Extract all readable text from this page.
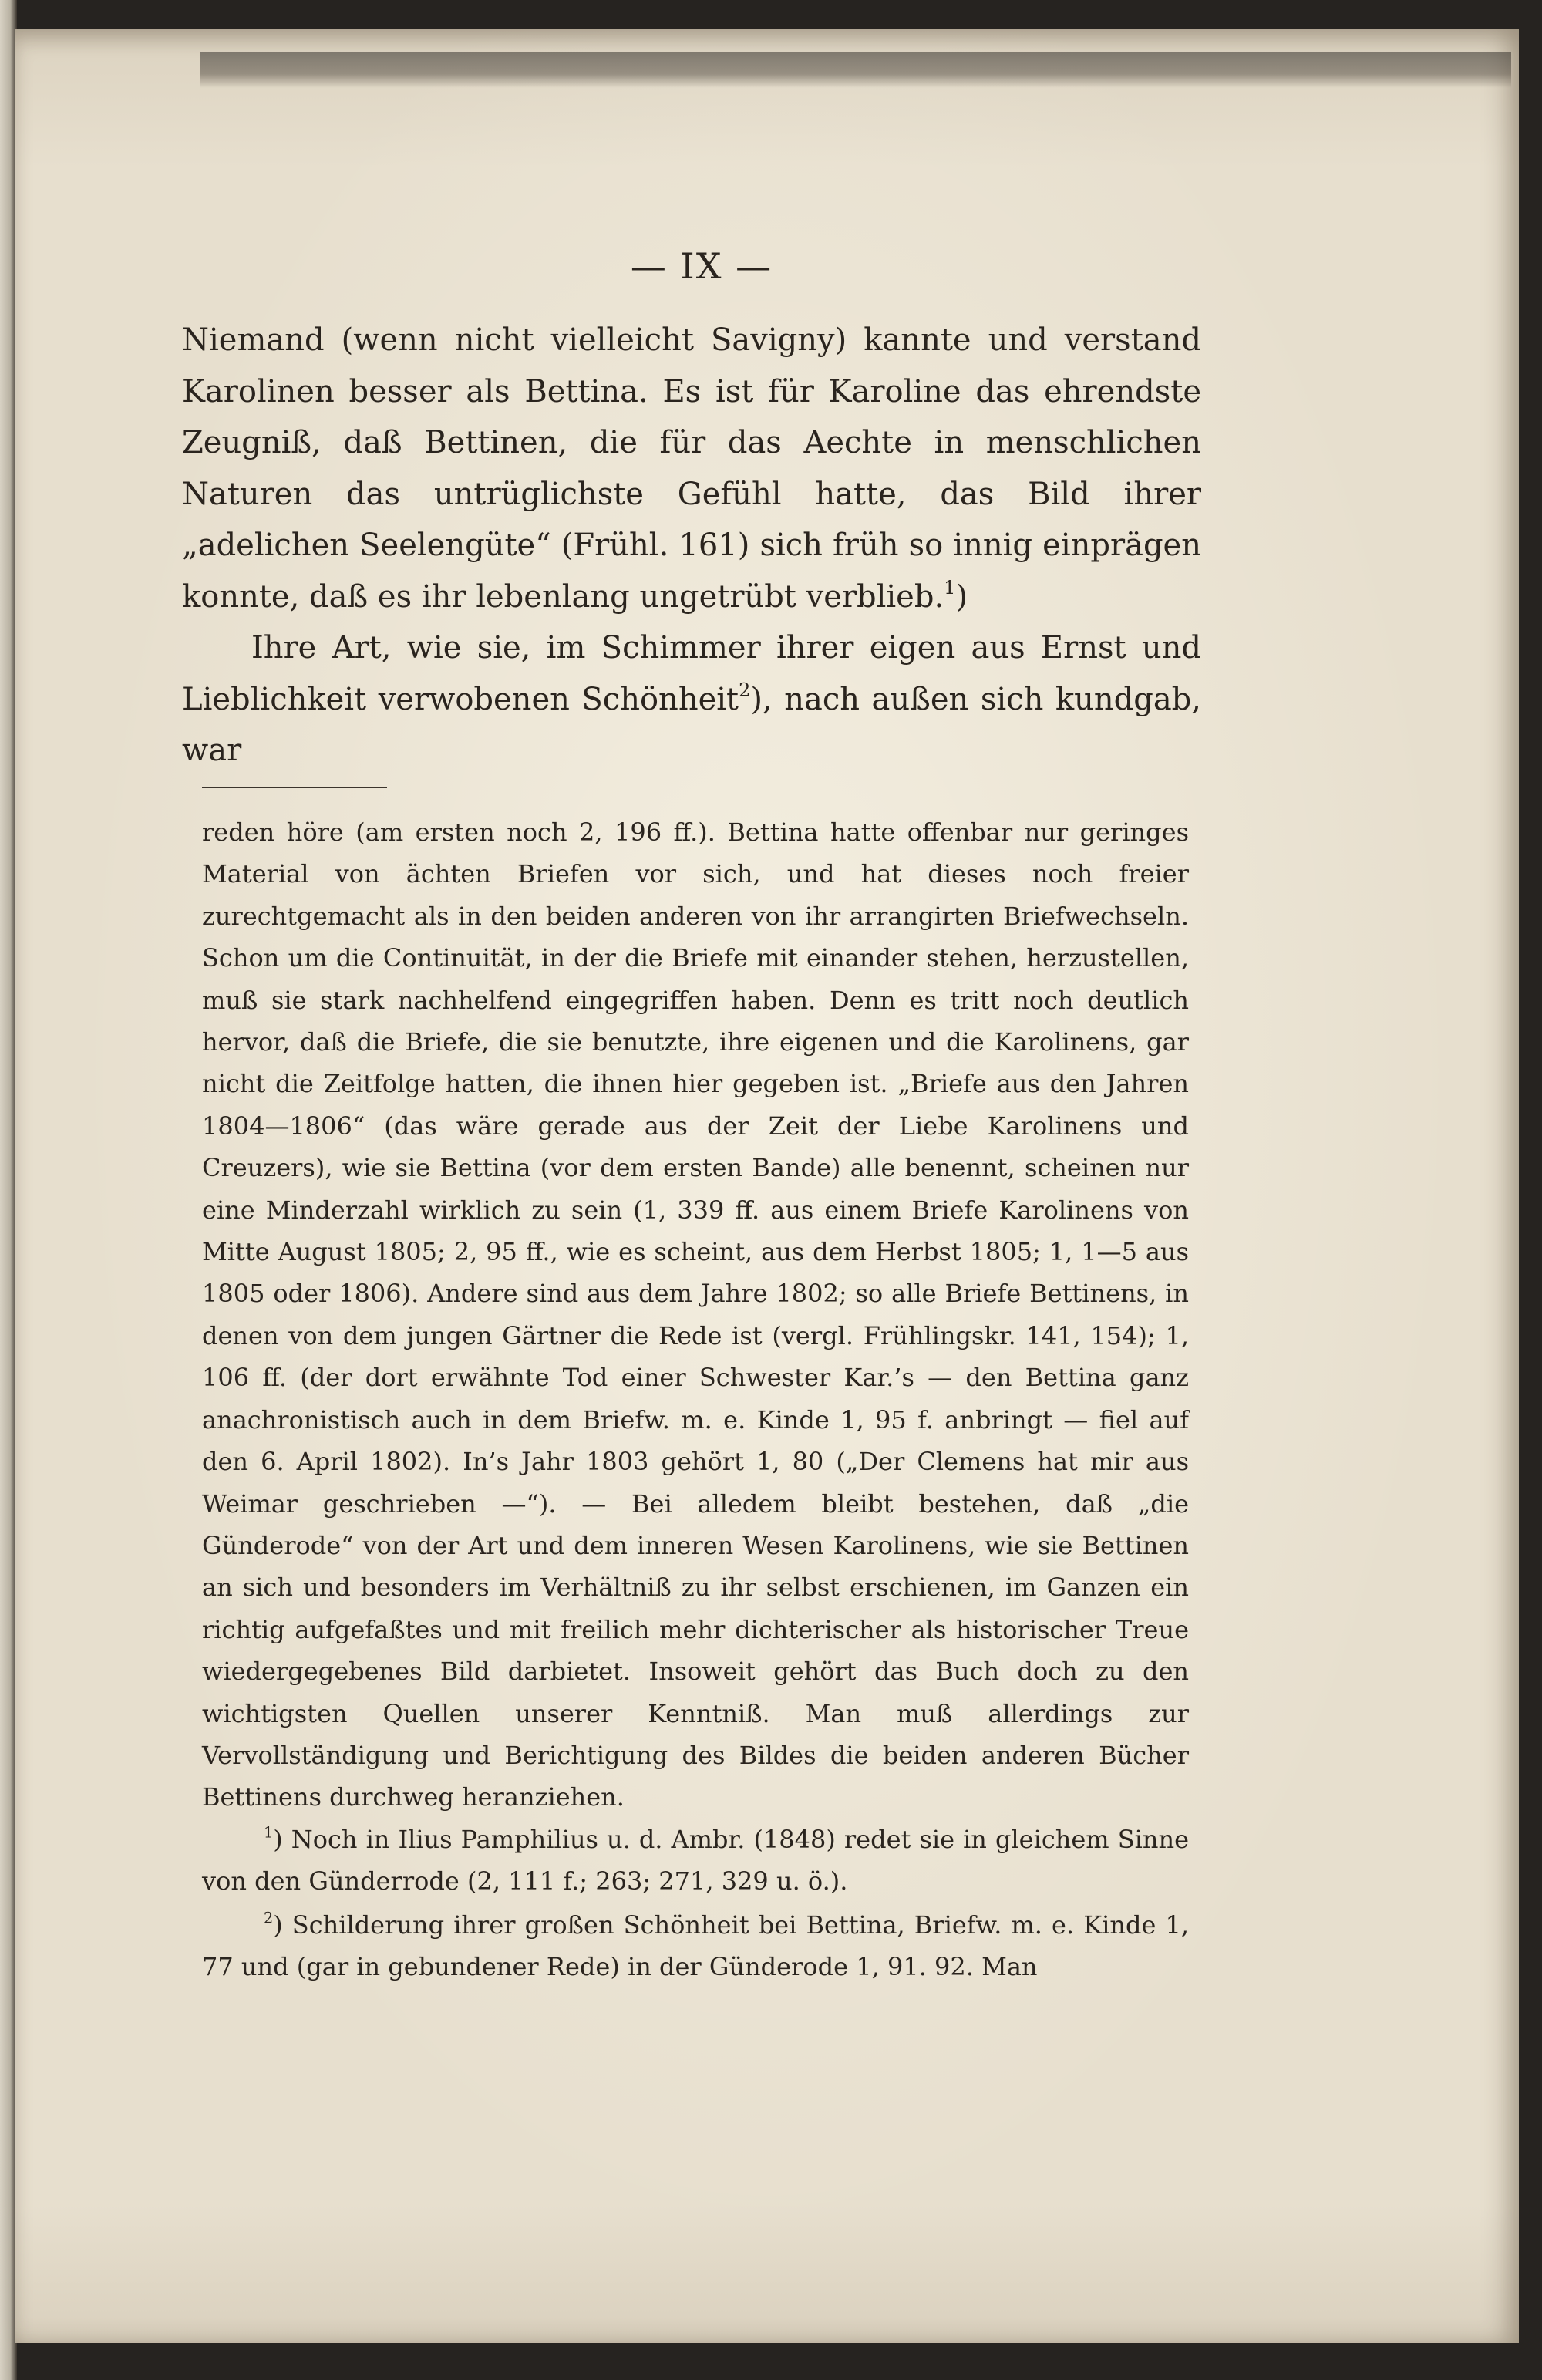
— IX —

Niemand (wenn nicht vielleicht Savigny) kannte und verstand Karolinen besser als Bettina. Es ist für Karoline das ehrendste Zeugniß, daß Bettinen, die für das Aechte in menschlichen Naturen das untrüglichste Gefühl hatte, das Bild ihrer „adelichen Seelengüte“ (Frühl. 161) sich früh so innig einprägen konnte, daß es ihr lebenlang ungetrübt verblieb.$^1$)

Ihre Art, wie sie, im Schimmer ihrer eigen aus Ernst und Lieblichkeit verwobenen Schönheit$^2$), nach außen sich kundgab, war

reden höre (am ersten noch 2, 196 ff.). Bettina hatte offenbar nur geringes Material von ächten Briefen vor sich, und hat dieses noch freier zurechtgemacht als in den beiden anderen von ihr arrangirten Briefwechseln. Schon um die Continuität, in der die Briefe mit einander stehen, herzustellen, muß sie stark nachhelfend eingegriffen haben. Denn es tritt noch deutlich hervor, daß die Briefe, die sie benutzte, ihre eigenen und die Karolinens, gar nicht die Zeitfolge hatten, die ihnen hier gegeben ist. „Briefe aus den Jahren 1804—1806“ (das wäre gerade aus der Zeit der Liebe Karolinens und Creuzers), wie sie Bettina (vor dem ersten Bande) alle benennt, scheinen nur eine Minderzahl wirklich zu sein (1, 339 ff. aus einem Briefe Karolinens von Mitte August 1805; 2, 95 ff., wie es scheint, aus dem Herbst 1805; 1, 1—5 aus 1805 oder 1806). Andere sind aus dem Jahre 1802; so alle Briefe Bettinens, in denen von dem jungen Gärtner die Rede ist (vergl. Frühlingskr. 141, 154); 1, 106 ff. (der dort erwähnte Tod einer Schwester Kar.’s — den Bettina ganz anachronistisch auch in dem Briefw. m. e. Kinde 1, 95 f. anbringt — fiel auf den 6. April 1802). In’s Jahr 1803 gehört 1, 80 („Der Clemens hat mir aus Weimar geschrieben —“). — Bei alledem bleibt bestehen, daß „die Günderode“ von der Art und dem inneren Wesen Karolinens, wie sie Bettinen an sich und besonders im Verhältniß zu ihr selbst erschienen, im Ganzen ein richtig aufgefaßtes und mit freilich mehr dichterischer als historischer Treue wiedergegebenes Bild darbietet. Insoweit gehört das Buch doch zu den wichtigsten Quellen unserer Kenntniß. Man muß allerdings zur Vervollständigung und Berichtigung des Bildes die beiden anderen Bücher Bettinens durchweg heranziehen.

$^1$) Noch in Ilius Pamphilius u. d. Ambr. (1848) redet sie in gleichem Sinne von den Günderrode (2, 111 f.; 263; 271, 329 u. ö.).

$^2$) Schilderung ihrer großen Schönheit bei Bettina, Briefw. m. e. Kinde 1, 77 und (gar in gebundener Rede) in der Günderode 1, 91. 92. Man
